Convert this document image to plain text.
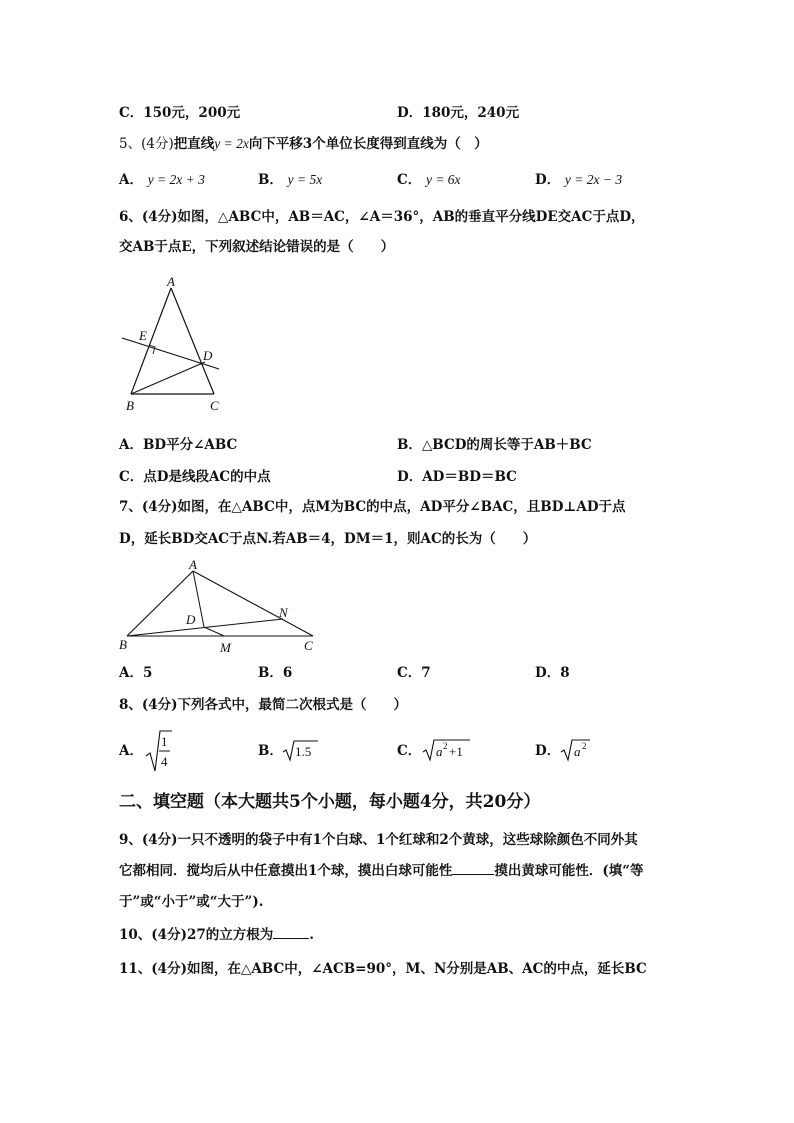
C．150元，200元	D．180元，240元
5、(4分)把直线y = 2x向下平移3个单位长度得到直线为（　）
A． y = 2x + 3	B． y = 5x	C． y = 6x	D． y = 2x − 3
6、(4分)如图，△ABC中，AB＝AC，∠A＝36°，AB的垂直平分线DE交AC于点D，
交AB于点E，下列叙述结论错误的是（　　）
A
E
D
B	C
A．BD平分∠ABC	B．△BCD的周长等于AB＋BC
C．点D是线段AC的中点	D．AD＝BD＝BC
7、(4分)如图，在△ABC中，点M为BC的中点，AD平分∠BAC，且BD⊥AD于点
D，延长BD交AC于点N.若AB＝4，DM＝1，则AC的长为（　　）
A
D	N
B	M	C
A．5	B．6	C．7	D．8
8、(4分)下列各式中，最简二次根式是（　　）
A．
1
4
B． 1.5	C． a 2 +1	D． a 2
二、填空题（本大题共5个小题，每小题4分，共20分）
9、(4分)一只不透明的袋子中有1个白球、1个红球和2个黄球，这些球除颜色不同外其
它都相同．搅均后从中任意摸出1个球，摸出白球可能性	摸出黄球可能性．(填“等
于”或“小于”或“大于”).
10、(4分)27的立方根为	.
11、(4分)如图，在△ABC中，∠ACB=90°，M、N分别是AB、AC的中点，延长BC
